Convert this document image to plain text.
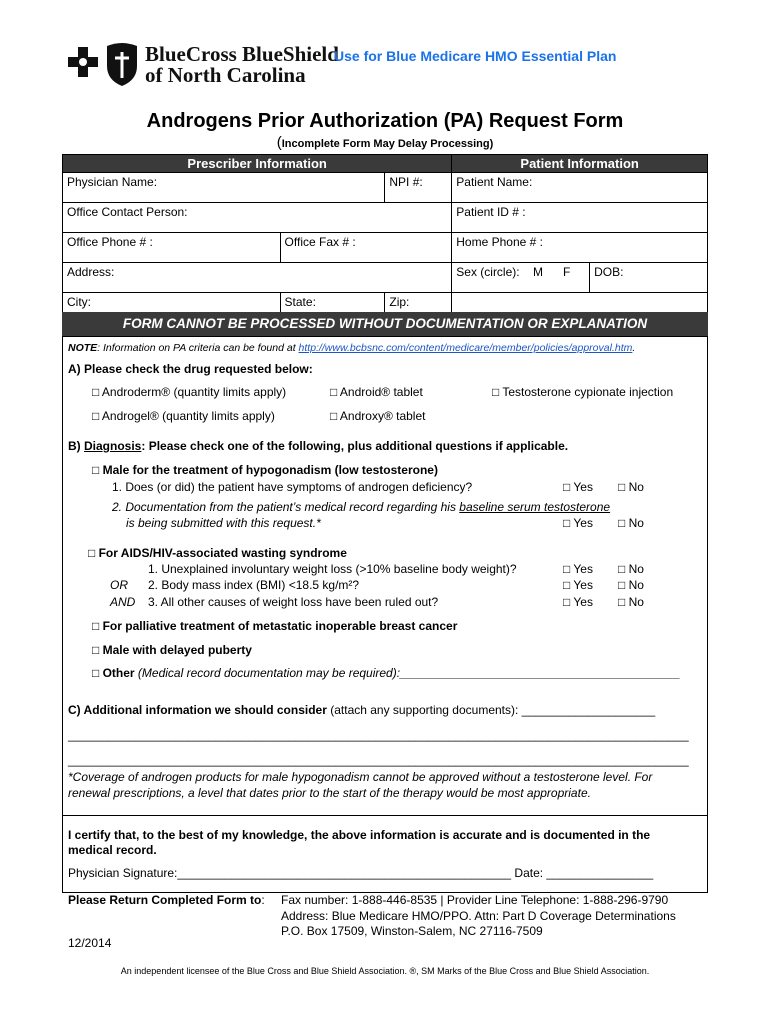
BlueCross BlueShield
of North Carolina
Use for Blue Medicare HMO Essential Plan
Androgens Prior Authorization (PA) Request Form
(Incomplete Form May Delay Processing)
Prescriber Information			Patient Information	
Physician Name:		NPI #:	Patient Name:	
Office Contact Person:			Patient ID # :	
Office Phone # :	Office Fax # :		Home Phone # :	
Address:			Sex (circle): M F	DOB:
City:	State:	Zip:		
FORM CANNOT BE PROCESSED WITHOUT DOCUMENTATION OR EXPLANATION
NOTE: Information on PA criteria can be found at http://www.bcbsnc.com/content/medicare/member/policies/approval.htm.
A) Please check the drug requested below:
□ Androderm® (quantity limits apply)	□ Android® tablet	□ Testosterone cypionate injection
□ Androgel® (quantity limits apply)	□ Androxy® tablet
B) Diagnosis: Please check one of the following, plus additional questions if applicable.
□ Male for the treatment of hypogonadism (low testosterone)
1. Does (or did) the patient have symptoms of androgen deficiency?	□ Yes □ No
2. Documentation from the patient’s medical record regarding his baseline serum testosterone
is being submitted with this request.*	□ Yes □ No
□ For AIDS/HIV-associated wasting syndrome
1. Unexplained involuntary weight loss (>10% baseline body weight)?	□ Yes □ No
OR 2. Body mass index (BMI) <18.5 kg/m²?	□ Yes □ No
AND 3. All other causes of weight loss have been ruled out?	□ Yes □ No
□ For palliative treatment of metastatic inoperable breast cancer
□ Male with delayed puberty
□ Other (Medical record documentation may be required):__________________________________________
C) Additional information we should consider (attach any supporting documents): ____________________
_____________________________________________________________________________________________
_____________________________________________________________________________________________
*Coverage of androgen products for male hypogonadism cannot be approved without a testosterone level. For
renewal prescriptions, a level that dates prior to the start of the therapy would be most appropriate.
I certify that, to the best of my knowledge, the above information is accurate and is documented in the
medical record.
Physician Signature:__________________________________________________ Date: ________________
Please Return Completed Form to: Fax number: 1-888-446-8535 | Provider Line Telephone: 1-888-296-9790
Address: Blue Medicare HMO/PPO. Attn: Part D Coverage Determinations
P.O. Box 17509, Winston-Salem, NC 27116-7509
12/2014
An independent licensee of the Blue Cross and Blue Shield Association. ®, SM Marks of the Blue Cross and Blue Shield Association.
